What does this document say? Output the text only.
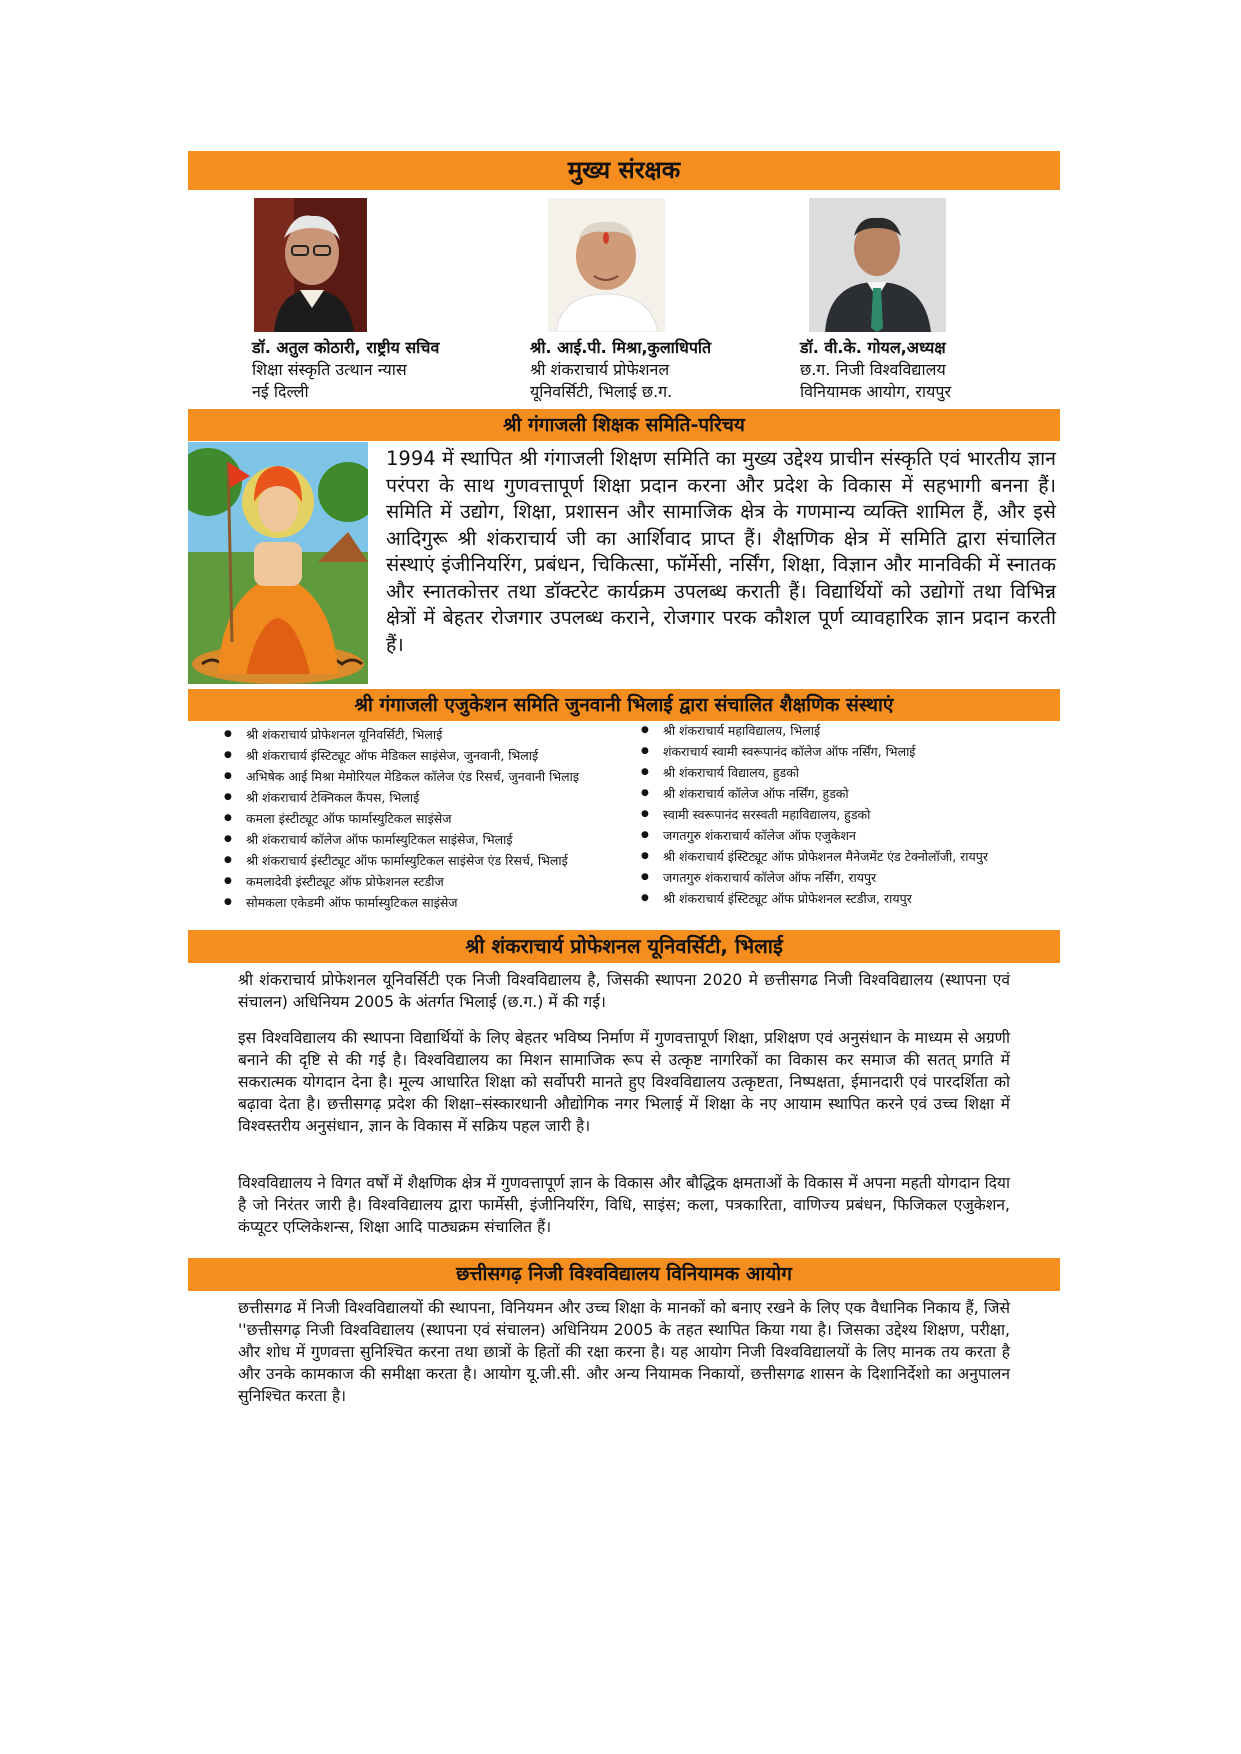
मुख्य संरक्षक
डॉ. अतुल कोठारी, राष्ट्रीय सचिव
शिक्षा संस्कृति उत्थान न्यास
नई दिल्ली
श्री. आई.पी. मिश्रा,कुलाधिपति
श्री शंकराचार्य प्रोफेशनल
यूनिवर्सिटी, भिलाई छ.ग.
डॉ. वी.के. गोयल,अध्यक्ष
छ.ग. निजी विश्वविद्यालय
विनियामक आयोग, रायपुर
श्री गंगाजली शिक्षक समिति-परिचय
1994 में स्थापित श्री गंगाजली शिक्षण समिति का मुख्य उद्देश्य प्राचीन संस्कृति एवं भारतीय ज्ञान परंपरा के साथ गुणवत्तापूर्ण शिक्षा प्रदान करना और प्रदेश के विकास में सहभागी बनना हैं। समिति में उद्योग, शिक्षा, प्रशासन और सामाजिक क्षेत्र के गणमान्य व्यक्ति शामिल हैं, और इसे आदिगुरू श्री शंकराचार्य जी का आर्शिवाद प्राप्त हैं। शैक्षणिक क्षेत्र में समिति द्वारा संचालित संस्थाएं इंजीनियरिंग, प्रबंधन, चिकित्सा, फॉर्मेसी, नर्सिंग, शिक्षा, विज्ञान और मानविकी में स्नातक और स्नातकोत्तर तथा डॉक्टरेट कार्यक्रम उपलब्ध कराती हैं। विद्यार्थियों को उद्योगों तथा विभिन्न क्षेत्रों में बेहतर रोजगार उपलब्ध कराने, रोजगार परक कौशल पूर्ण व्यावहारिक ज्ञान प्रदान करती हैं।
श्री गंगाजली एजुकेशन समिति जुनवानी भिलाई द्वारा संचालित शैक्षणिक संस्थाएं
● श्री शंकराचार्य प्रोफेशनल यूनिवर्सिटी, भिलाई
● श्री शंकराचार्य इंस्टिट्यूट ऑफ मेडिकल साइंसेज, जुनवानी, भिलाई
● अभिषेक आई मिश्रा मेमोरियल मेडिकल कॉलेज एंड रिसर्च, जुनवानी भिलाइ
● श्री शंकराचार्य टेक्निकल कैंपस, भिलाई
● कमला इंस्टीट्यूट ऑफ फार्मास्युटिकल साइंसेज
● श्री शंकराचार्य कॉलेज ऑफ फार्मास्युटिकल साइंसेज, भिलाई
● श्री शंकराचार्य इंस्टीट्यूट ऑफ फार्मास्युटिकल साइंसेज एंड रिसर्च, भिलाई
● कमलादेवी इंस्टीट्यूट ऑफ प्रोफेशनल स्टडीज
● सोमकला एकेडमी ऑफ फार्मास्युटिकल साइंसेज
● श्री शंकराचार्य महाविद्यालय, भिलाई
● शंकराचार्य स्वामी स्वरूपानंद कॉलेज ऑफ नर्सिंग, भिलाई
● श्री शंकराचार्य विद्यालय, हुडको
● श्री शंकराचार्य कॉलेज ऑफ नर्सिंग, हुडको
● स्वामी स्वरूपानंद सरस्वती महाविद्यालय, हुडको
● जगतगुरु शंकराचार्य कॉलेज ऑफ एजुकेशन
● श्री शंकराचार्य इंस्टिट्यूट ऑफ प्रोफेशनल मैनेजमेंट एंड टेक्नोलॉजी, रायपुर
● जगतगुरु शंकराचार्य कॉलेज ऑफ नर्सिंग, रायपुर
● श्री शंकराचार्य इंस्टिट्यूट ऑफ प्रोफेशनल स्टडीज, रायपुर
श्री शंकराचार्य प्रोफेशनल यूनिवर्सिटी, भिलाई

श्री शंकराचार्य प्रोफेशनल यूनिवर्सिटी एक निजी विश्वविद्यालय है, जिसकी स्थापना 2020 मे छत्तीसगढ निजी विश्वविद्यालय (स्थापना एवं संचालन) अधिनियम 2005 के अंतर्गत भिलाई (छ.ग.) में की गई।

इस विश्वविद्यालय की स्थापना विद्यार्थियों के लिए बेहतर भविष्य निर्माण में गुणवत्तापूर्ण शिक्षा, प्रशिक्षण एवं अनुसंधान के माध्यम से अग्रणी बनाने की दृष्टि से की गई है। विश्वविद्यालय का मिशन सामाजिक रूप से उत्कृष्ट नागरिकों का विकास कर समाज की सतत् प्रगति में सकरात्मक योगदान देना है। मूल्य आधारित शिक्षा को सर्वोपरी मानते हुए विश्वविद्यालय उत्कृष्टता, निष्पक्षता, ईमानदारी एवं पारदर्शिता को बढ़ावा देता है। छत्तीसगढ़ प्रदेश की शिक्षा–संस्कारधानी औद्योगिक नगर भिलाई में शिक्षा के नए आयाम स्थापित करने एवं उच्च शिक्षा में विश्वस्तरीय अनुसंधान, ज्ञान के विकास में सक्रिय पहल जारी है।

विश्वविद्यालय ने विगत वर्षों में शैक्षणिक क्षेत्र में गुणवत्तापूर्ण ज्ञान के विकास और बौद्धिक क्षमताओं के विकास में अपना महती योगदान दिया है जो निरंतर जारी है। विश्वविद्यालय द्वारा फार्मेसी, इंजीनियरिंग, विधि, साइंस; कला, पत्रकारिता, वाणिज्य प्रबंधन, फिजिकल एजुकेशन, कंप्यूटर एप्लिकेशन्स, शिक्षा आदि पाठ्यक्रम संचालित हैं।

छत्तीसगढ़ निजी विश्वविद्यालय विनियामक आयोग

छत्तीसगढ में निजी विश्वविद्यालयों की स्थापना, विनियमन और उच्च शिक्षा के मानकों को बनाए रखने के लिए एक वैधानिक निकाय हैं, जिसे ''छत्तीसगढ़ निजी विश्वविद्यालय (स्थापना एवं संचालन) अधिनियम 2005 के तहत स्थापित किया गया है। जिसका उद्देश्य शिक्षण, परीक्षा, और शोध में गुणवत्ता सुनिश्चित करना तथा छात्रों के हितों की रक्षा करना है। यह आयोग निजी विश्वविद्यालयों के लिए मानक तय करता है और उनके कामकाज की समीक्षा करता है। आयोग यू.जी.सी. और अन्य नियामक निकायों, छत्तीसगढ शासन के दिशानिर्देशो का अनुपालन सुनिश्चित करता है।
